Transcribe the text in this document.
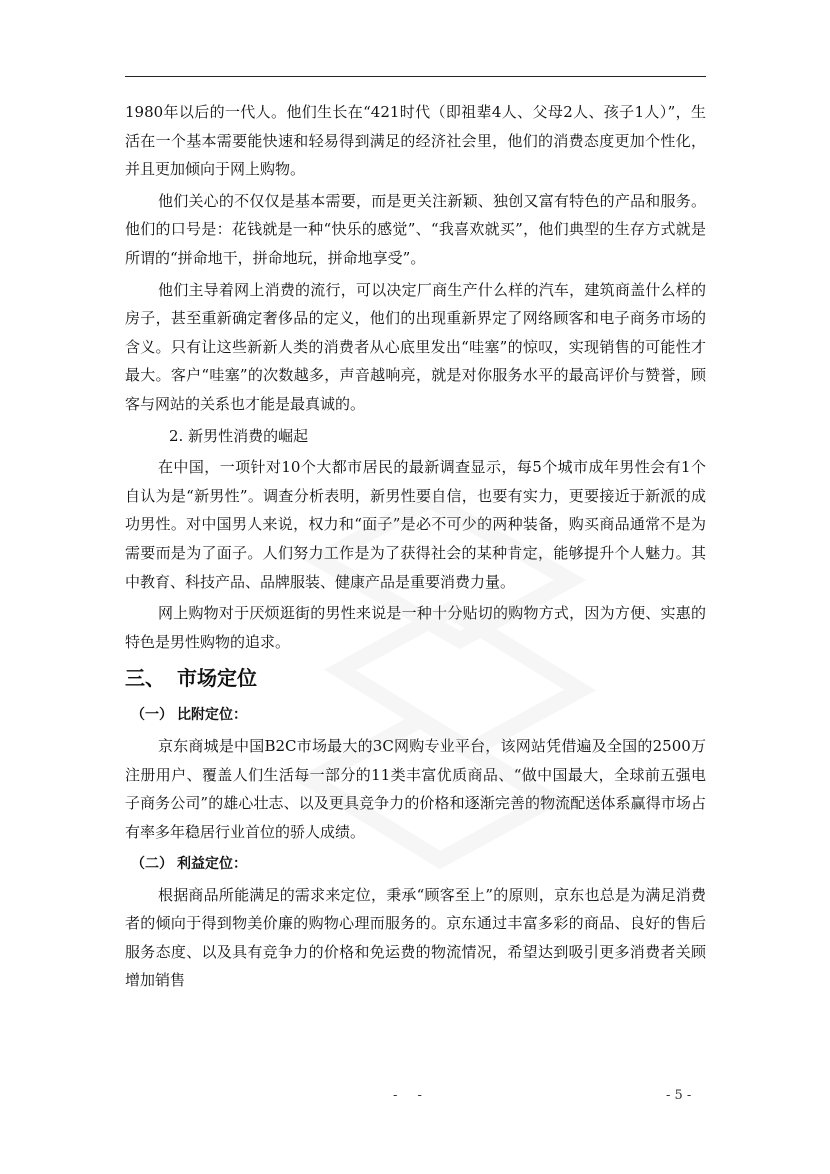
1980年以后的一代人。他们生长在“421时代（即祖辈4人、父母2人、孩子1人）”，生活在一个基本需要能快速和轻易得到满足的经济社会里，他们的消费态度更加个性化，并且更加倾向于网上购物。

他们关心的不仅仅是基本需要，而是更关注新颖、独创又富有特色的产品和服务。他们的口号是：花钱就是一种“快乐的感觉”、“我喜欢就买”，他们典型的生存方式就是所谓的“拼命地干，拼命地玩，拼命地享受”。

他们主导着网上消费的流行，可以决定厂商生产什么样的汽车，建筑商盖什么样的房子，甚至重新确定奢侈品的定义，他们的出现重新界定了网络顾客和电子商务市场的含义。只有让这些新新人类的消费者从心底里发出“哇塞”的惊叹，实现销售的可能性才最大。客户“哇塞”的次数越多，声音越响亮，就是对你服务水平的最高评价与赞誉，顾客与网站的关系也才能是最真诚的。

2. 新男性消费的崛起

在中国，一项针对10个大都市居民的最新调查显示，每5个城市成年男性会有1个自认为是“新男性”。调查分析表明，新男性要自信，也要有实力，更要接近于新派的成功男性。对中国男人来说，权力和“面子”是必不可少的两种装备，购买商品通常不是为需要而是为了面子。人们努力工作是为了获得社会的某种肯定，能够提升个人魅力。其中教育、科技产品、品牌服装、健康产品是重要消费力量。

网上购物对于厌烦逛街的男性来说是一种十分贴切的购物方式，因为方便、实惠的特色是男性购物的追求。

三、 市场定位
（一） 比附定位：

京东商城是中国B2C市场最大的3C网购专业平台，该网站凭借遍及全国的2500万注册用户、覆盖人们生活每一部分的11类丰富优质商品、“做中国最大，全球前五强电子商务公司”的雄心壮志、以及更具竞争力的价格和逐渐完善的物流配送体系赢得市场占有率多年稳居行业首位的骄人成绩。

（二） 利益定位：

根据商品所能满足的需求来定位，秉承“顾客至上”的原则，京东也总是为满足消费者的倾向于得到物美价廉的购物心理而服务的。京东通过丰富多彩的商品、良好的售后服务态度、以及具有竞争力的价格和免运费的物流情况，希望达到吸引更多消费者关顾增加销售

- -	- 5 -
